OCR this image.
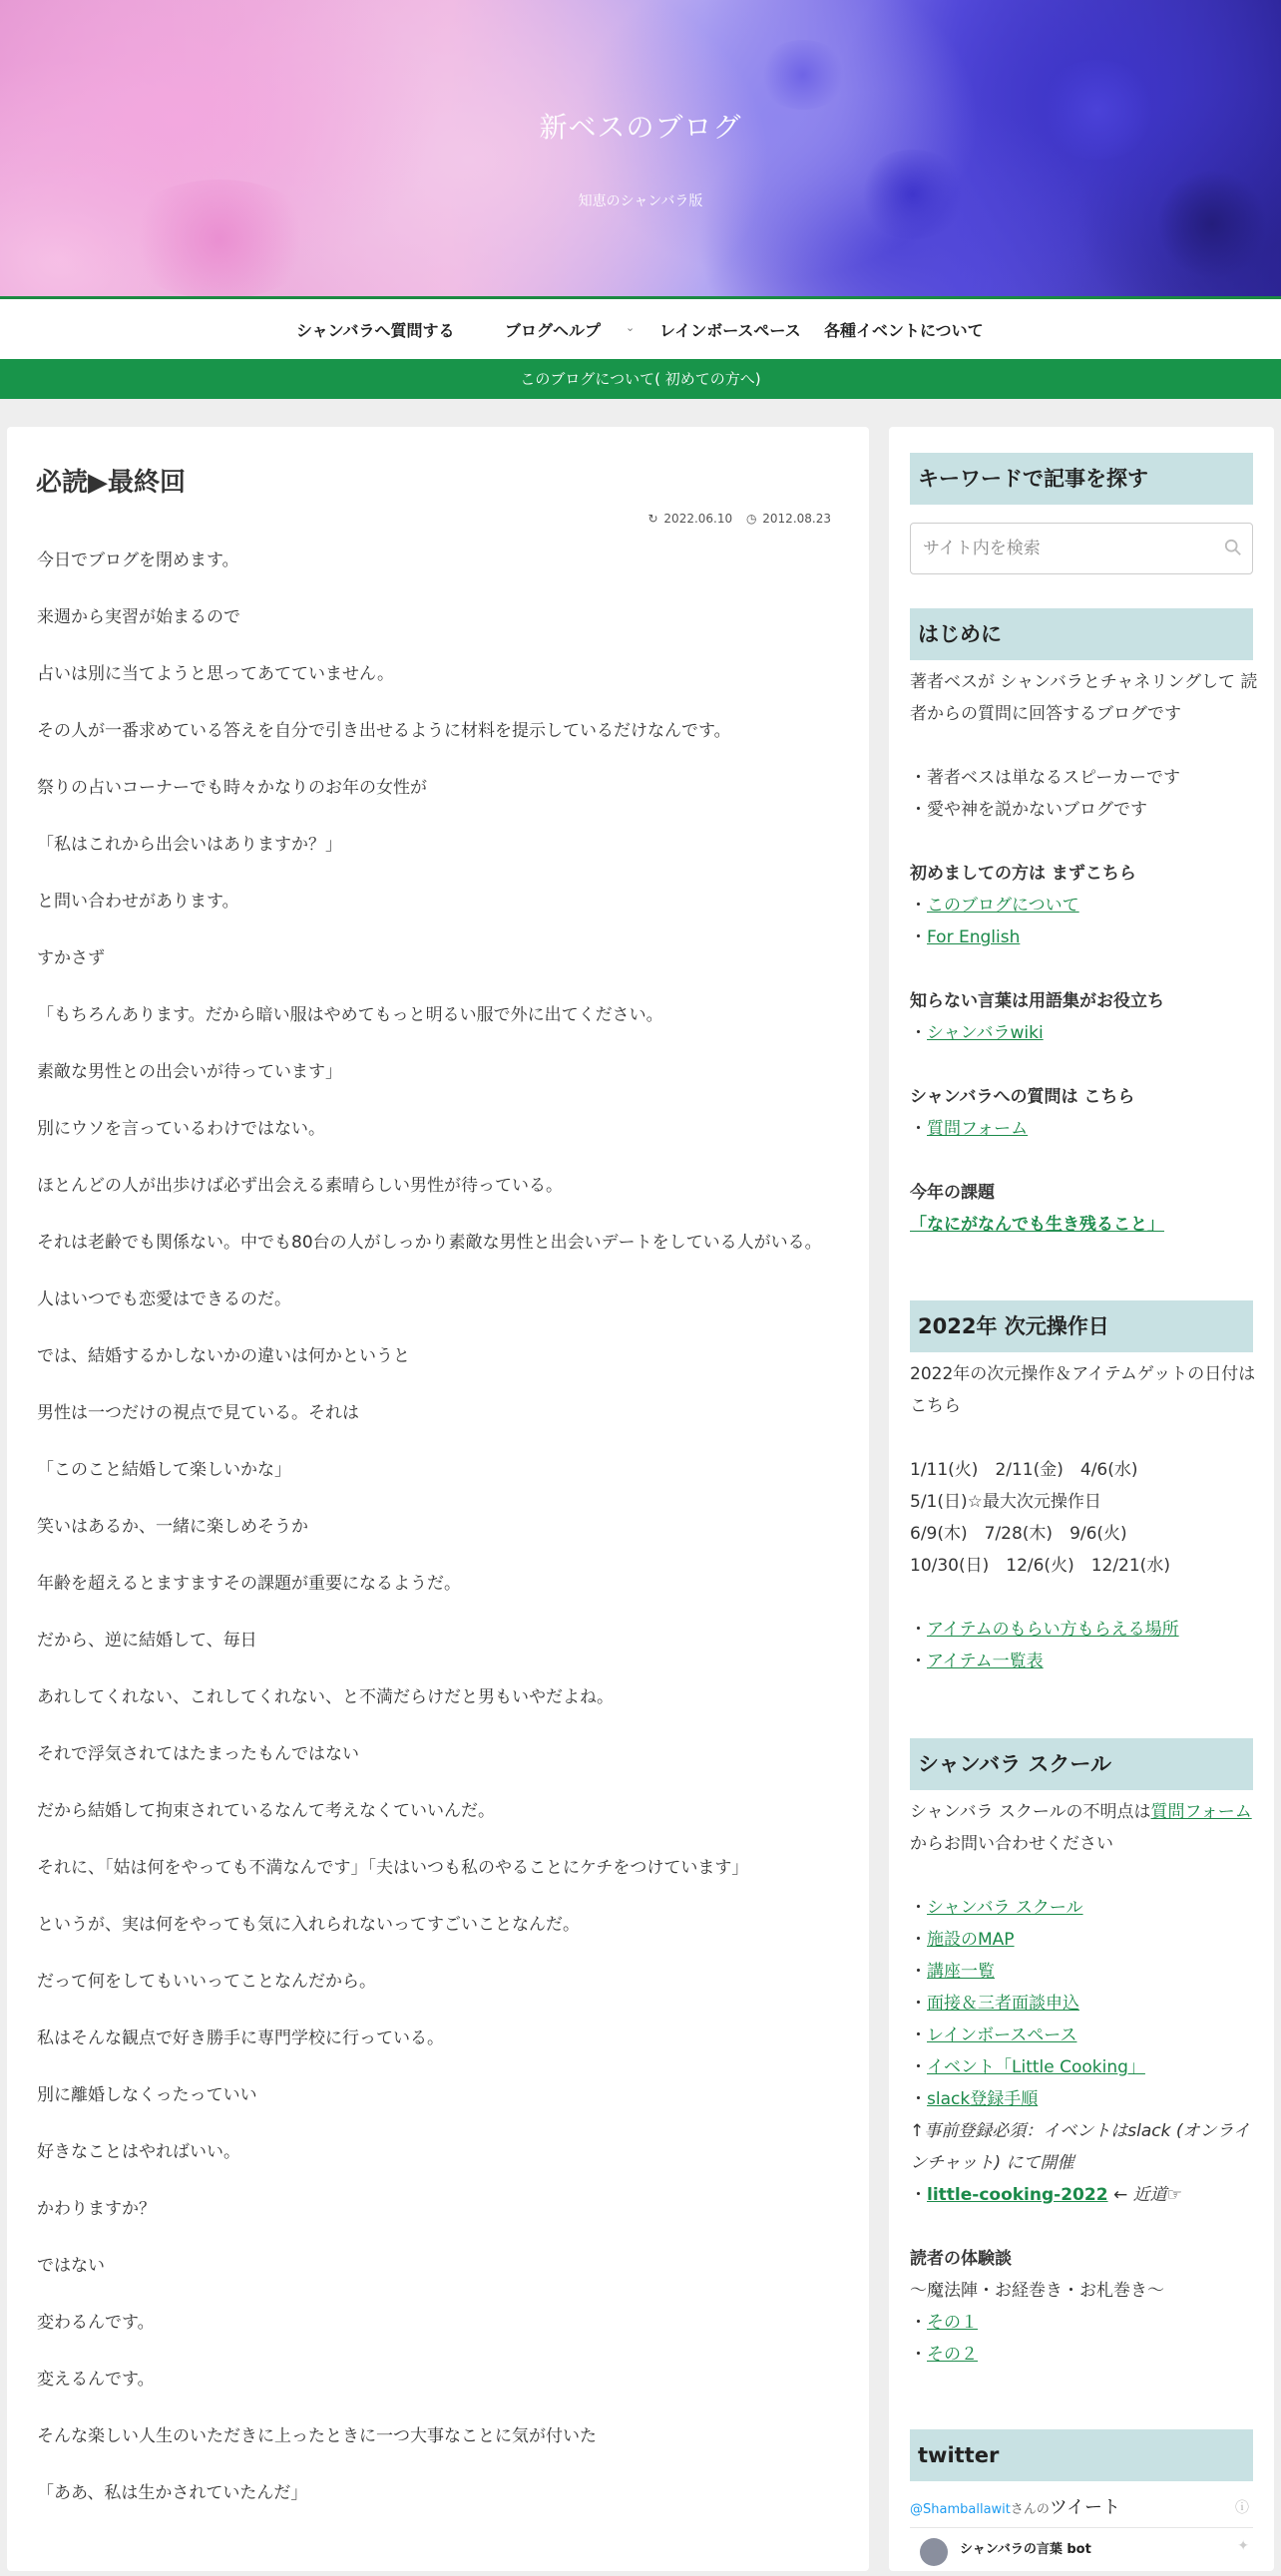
新ベスのブログ
知恵のシャンバラ版
シャンバラへ質問する	ブログヘルプ ⌄ レインボースペース 各種イベントについて
このブログについて( 初めての方へ)
必読▶最終回
↻ 2022.06.10 ◷ 2012.08.23

今日でブログを閉めます。

来週から実習が始まるので

占いは別に当てようと思ってあてていません。

その人が一番求めている答えを自分で引き出せるように材料を提示しているだけなんです。

祭りの占いコーナーでも時々かなりのお年の女性が

「私はこれから出会いはありますか？」

と問い合わせがあります。

すかさず

「もちろんあります。だから暗い服はやめてもっと明るい服で外に出てください。

素敵な男性との出会いが待っています」

別にウソを言っているわけではない。

ほとんどの人が出歩けば必ず出会える素晴らしい男性が待っている。

それは老齢でも関係ない。中でも80台の人がしっかり素敵な男性と出会いデートをしている人がいる。

人はいつでも恋愛はできるのだ。

では、結婚するかしないかの違いは何かというと

男性は一つだけの視点で見ている。それは

「このこと結婚して楽しいかな」

笑いはあるか、一緒に楽しめそうか

年齢を超えるとますますその課題が重要になるようだ。

だから、逆に結婚して、毎日

あれしてくれない、これしてくれない、と不満だらけだと男もいやだよね。

それで浮気されてはたまったもんではない

だから結婚して拘束されているなんて考えなくていいんだ。

それに、「姑は何をやっても不満なんです」「夫はいつも私のやることにケチをつけています」

というが、実は何をやっても気に入れられないってすごいことなんだ。

だって何をしてもいいってことなんだから。

私はそんな観点で好き勝手に専門学校に行っている。

別に離婚しなくったっていい

好きなことはやればいい。

かわりますか？

ではない

変わるんです。

変えるんです。

そんな楽しい人生のいただきに上ったときに一つ大事なことに気が付いた

「ああ、私は生かされていたんだ」

キーワードで記事を探す
サイト内を検索
はじめに
著者ベスが シャンバラとチャネリングして 読者からの質問に回答するブログです
・著者ベスは単なるスピーカーです
・愛や神を説かないブログです
初めましての方は まずこちら
・このブログについて
・For English
知らない言葉は用語集がお役立ち
・シャンバラwiki
シャンバラへの質問は こちら
・質問フォーム
今年の課題
「なにがなんでも生き残ること」
2022年 次元操作日
2022年の次元操作＆アイテムゲットの日付はこちら
1/11(火)　2/11(金)　4/6(水)
5/1(日)☆最大次元操作日
6/9(木)　7/28(木)　9/6(火)
10/30(日)　12/6(火)　12/21(水)
・アイテムのもらい方もらえる場所
・アイテム一覧表
シャンバラ スクール
シャンバラ スクールの不明点は質問フォームからお問い合わせください
・シャンバラ スクール
・施設のMAP
・講座一覧
・面接＆三者面談申込
・レインボースペース
・イベント「Little Cooking」
・slack登録手順
↑事前登録必須：イベントはslack (オンラインチャット) にて開催
・little-cooking-2022 ← 近道☞
読者の体験談
〜魔法陣・お経巻き・お札巻き〜
・その１
・その２
twitter
@Shamballawitさんのツイート	ⓘ
シャンバラの言葉 bot	✦
